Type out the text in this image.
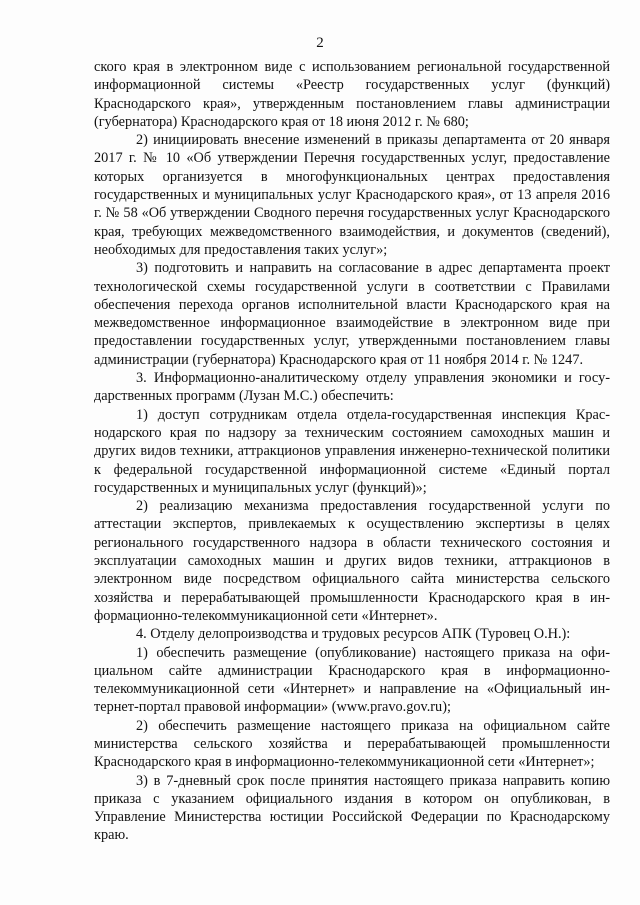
2

ского края в электронном виде с использованием региональной государственной информационной системы «Реестр государственных услуг (функций) Краснодарского края», утвержденным постановлением главы администрации (губернатора) Краснодарского края от 18 июня 2012 г. № 680;

2) инициировать внесение изменений в приказы департамента от 20 января 2017 г. № 10 «Об утверждении Перечня государственных услуг, предоставление которых организуется в многофункциональных центрах предоставления государственных и муниципальных услуг Краснодарского края», от 13 апреля 2016 г. № 58 «Об утверждении Сводного перечня государственных услуг Краснодарского края, требующих межведомственного взаимодействия, и документов (сведений), необходимых для предоставления таких услуг»;

3) подготовить и направить на согласование в адрес департамента проект технологической схемы государственной услуги в соответствии с Правилами обеспечения перехода органов исполнительной власти Краснодарского края на межведомственное информационное взаимодействие в электронном виде при предоставлении государственных услуг, утвержденными постановлением главы администрации (губернатора) Краснодарского края от 11 ноября 2014 г. № 1247.

3. Информационно-аналитическому отделу управления экономики и государственных программ (Лузан М.С.) обеспечить:

1) доступ сотрудникам отдела отдела-государственная инспекция Краснодарского края по надзору за техническим состоянием самоходных машин и других видов техники, аттракционов управления инженерно-технической политики к федеральной государственной информационной системе «Единый портал государственных и муниципальных услуг (функций)»;

2) реализацию механизма предоставления государственной услуги по аттестации экспертов, привлекаемых к осуществлению экспертизы в целях регионального государственного надзора в области технического состояния и эксплуатации самоходных машин и других видов техники, аттракционов в электронном виде посредством официального сайта министерства сельского хозяйства и перерабатывающей промышленности Краснодарского края в информационно-телекоммуникационной сети «Интернет».

4. Отделу делопроизводства и трудовых ресурсов АПК (Туровец О.Н.):

1) обеспечить размещение (опубликование) настоящего приказа на официальном сайте администрации Краснодарского края в информационно-телекоммуникационной сети «Интернет» и направление на «Официальный интернет-портал правовой информации» (www.pravo.gov.ru);

2) обеспечить размещение настоящего приказа на официальном сайте министерства сельского хозяйства и перерабатывающей промышленности Краснодарского края в информационно-телекоммуникационной сети «Интернет»;

3) в 7-дневный срок после принятия настоящего приказа направить копию приказа с указанием официального издания в котором он опубликован, в Управление Министерства юстиции Российской Федерации по Краснодарскому краю.
